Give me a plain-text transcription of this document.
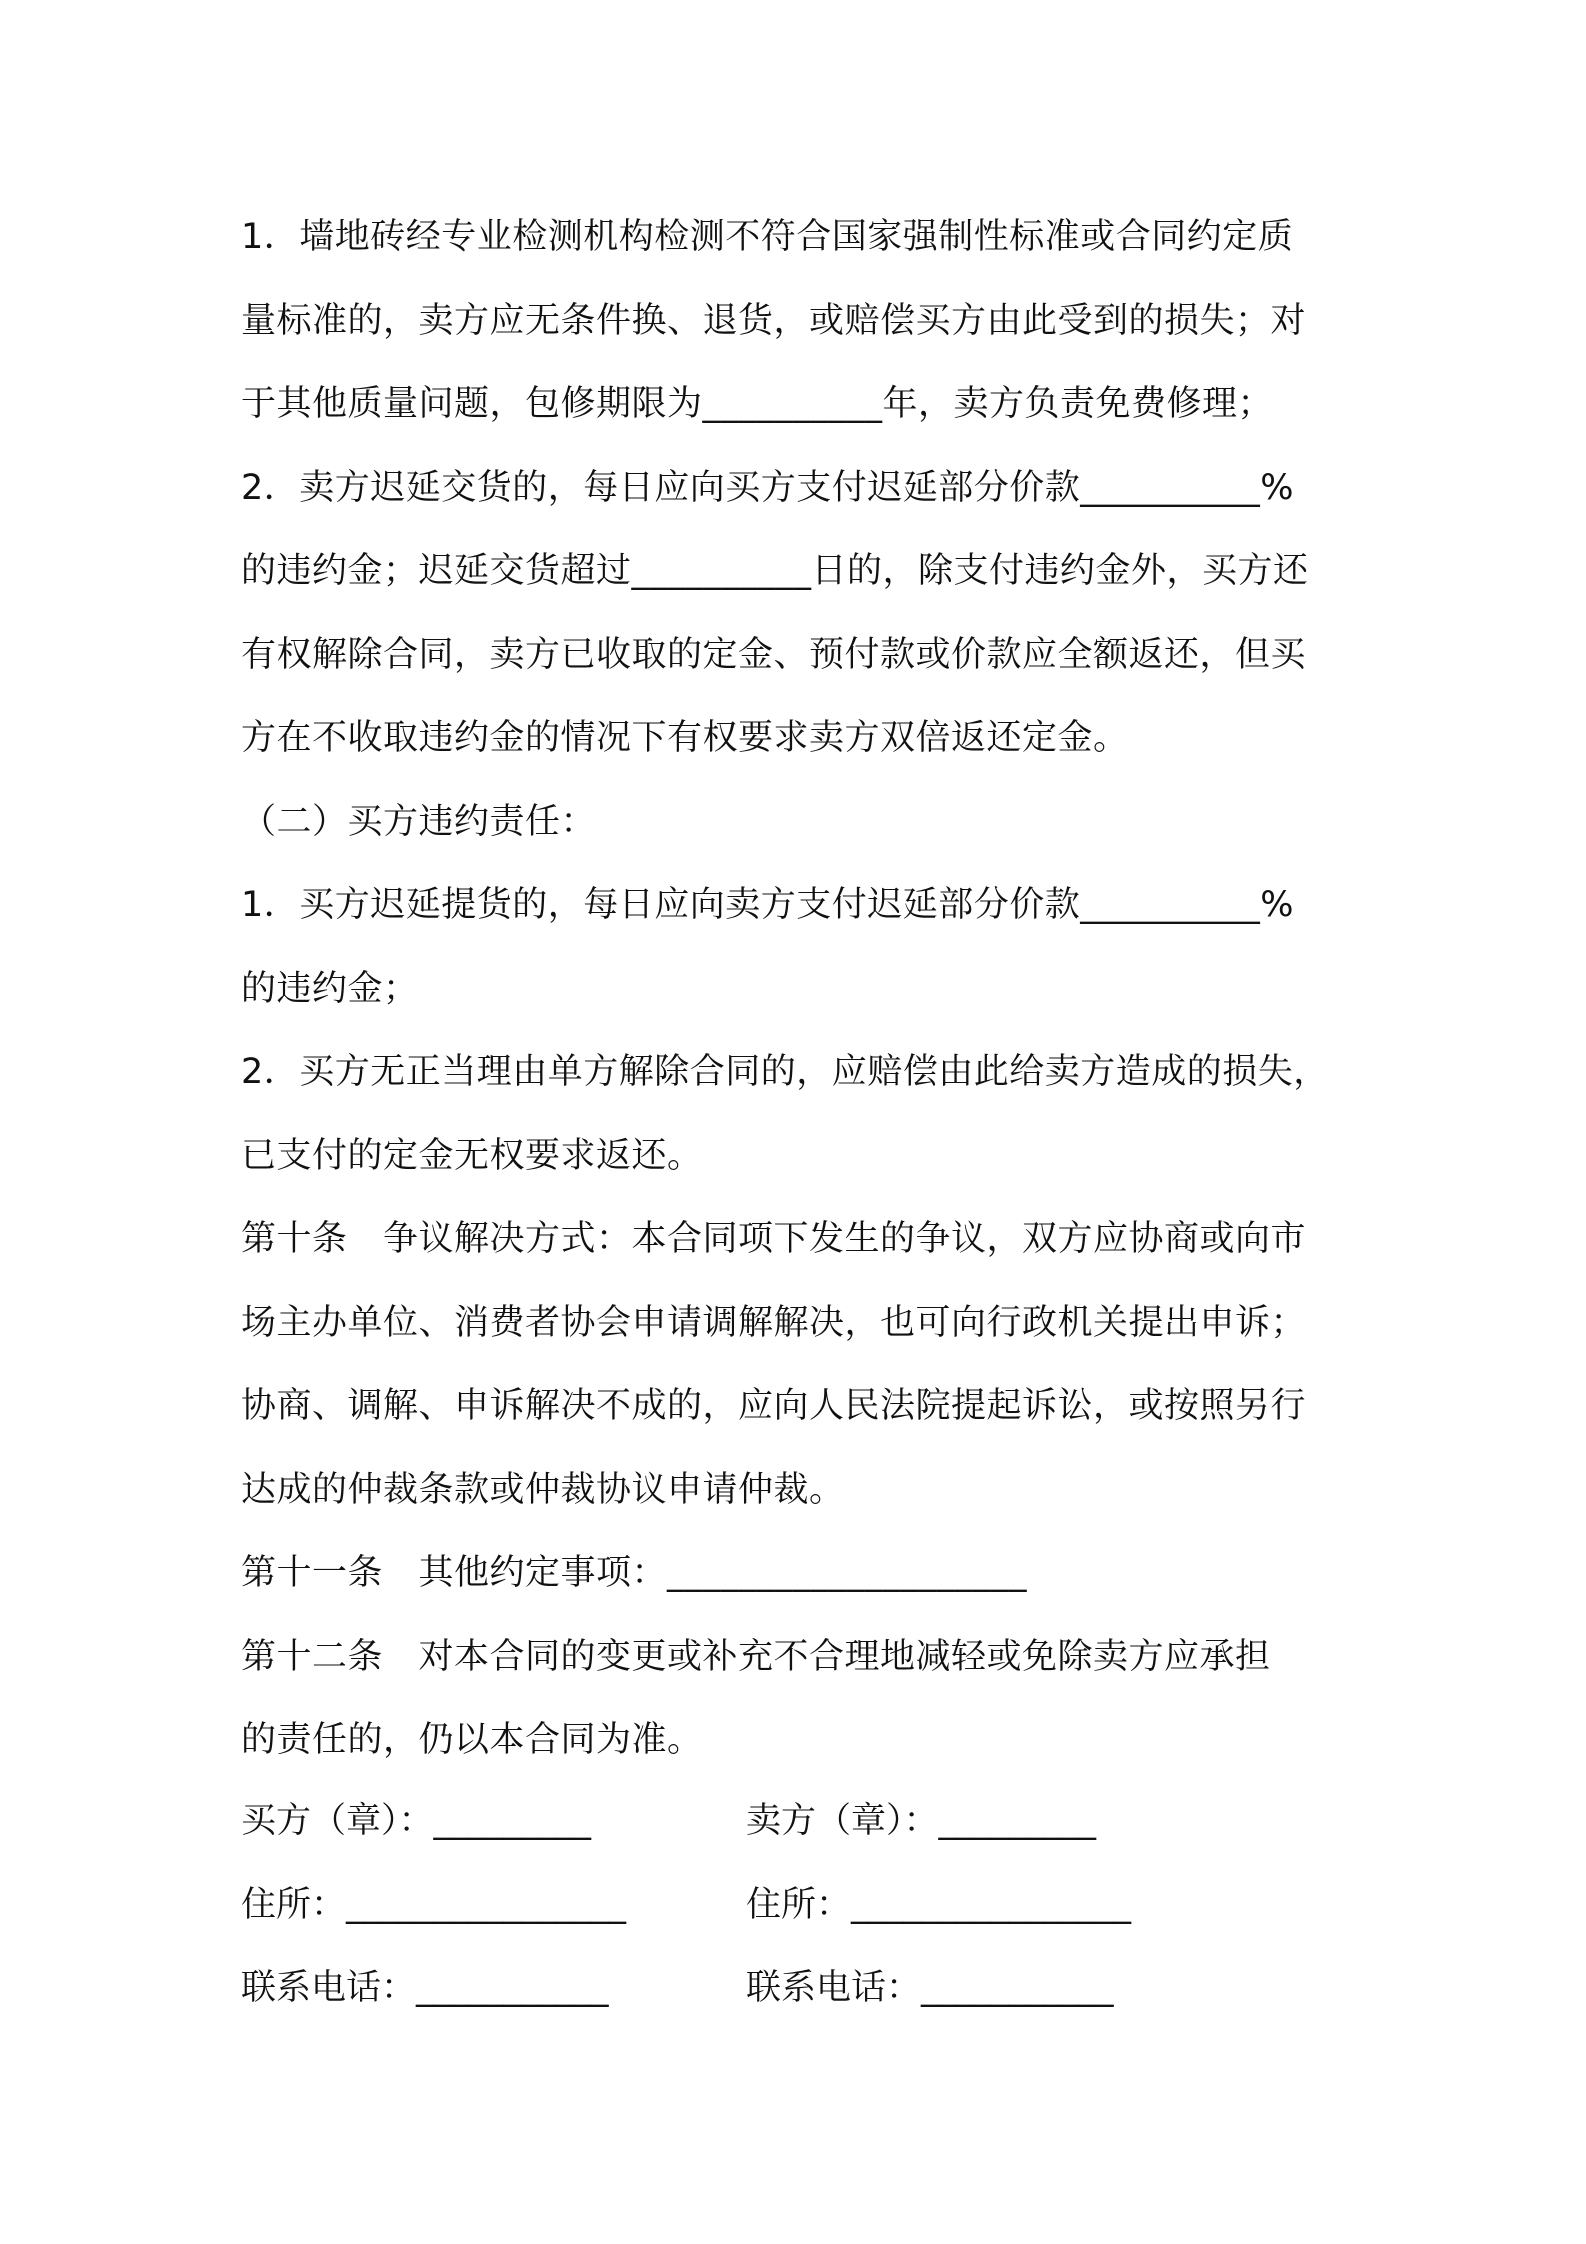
1．墙地砖经专业检测机构检测不符合国家强制性标准或合同约定质
量标准的，卖方应无条件换、退货，或赔偿买方由此受到的损失；对
于其他质量问题，包修期限为__________年，卖方负责免费修理；
2．卖方迟延交货的，每日应向买方支付迟延部分价款__________%
的违约金；迟延交货超过__________日的，除支付违约金外，买方还
有权解除合同，卖方已收取的定金、预付款或价款应全额返还，但买
方在不收取违约金的情况下有权要求卖方双倍返还定金。
（二）买方违约责任：
1．买方迟延提货的，每日应向卖方支付迟延部分价款__________%
的违约金；
2．买方无正当理由单方解除合同的，应赔偿由此给卖方造成的损失，
已支付的定金无权要求返还。
第十条　争议解决方式：本合同项下发生的争议，双方应协商或向市
场主办单位、消费者协会申请调解解决，也可向行政机关提出申诉；
协商、调解、申诉解决不成的，应向人民法院提起诉讼，或按照另行
达成的仲裁条款或仲裁协议申请仲裁。
第十一条　其他约定事项：____________________
第十二条　对本合同的变更或补充不合理地减轻或免除卖方应承担
的责任的，仍以本合同为准。
买方（章）：_________	卖方（章）：_________
住所：________________	住所：________________
联系电话：___________	联系电话：___________
